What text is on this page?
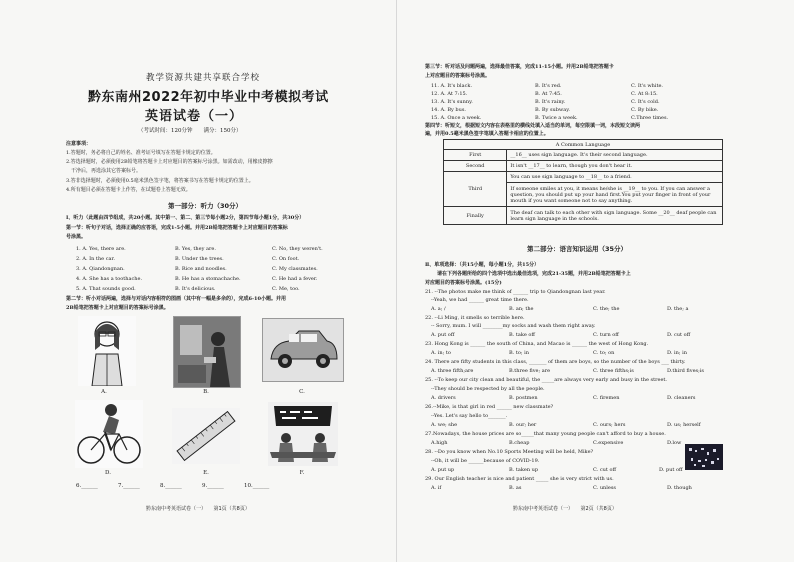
教学资源共建共享联合学校
黔东南州2022年初中毕业中考模拟考试
英语试卷（一）
（考试时间：120分钟　　满分：150分）
注意事项：
1.答题时，务必将自己的姓名、准考证号填写在答题卡规定的位置。
2.答选择题时，必须使用2B铅笔将答题卡上对应题目的答案标号涂黑。如需改动，用橡皮擦擦
　干净后，再选涂其它答案标号。
3.答非选择题时，必须使用0.5毫米黑色签字笔，将答案书写在答题卡规定的位置上。
4.所有题目必须在答题卡上作答，在试题卷上答题无效。
第一部分：听力（30分）
Ⅰ、听力（此题由四节组成，共20小题。其中第一、第二、第三节每小题2分，第四节每小题1分，共30分）
第一节：听句子对话，选择正确的应答语，完成1-5小题。并用2B铅笔把答题卡上对应题目的答案标
号涂黑。
1. A. Yes, there are.	B. Yes, they are.	C. No, they weren't.
2. A. In the car.	B. Under the trees.	C. On foot.
3. A. Qiandongnan.	B. Rice and noodles.	C. My classmates.
4. A. She has a toothache.	B. He has a stomachache.	C. He had a fever.
5. A. That sounds good.	B. It's delicious.	C. Me, too.
第二节：听小对话两遍，选择与对话内容相符的图画（其中有一幅是多余的），完成6-10小题。并用
2B铅笔把答题卡上对应题目的答案标号涂黑。
A.	B.	C.
D.	E.	F.
6.______	7.______	8.______	9.______	10.______
黔东南中考英语试卷（一）　　第1页（共8页）
第三节：听对话及问题两遍，选择最佳答案，完成11-15小题。并用2B铅笔把答题卡
上对应题目的答案标号涂黑。
11. A. It's black.	B. It's red.	C. It's white.
12. A. At 7:15.	B. At 7:45.	C. At 8:15.
13. A. It's sunny.	B. It's rainy.	C. It's cold.
14. A. By bus.	B. By subway.	C. By bike.
15. A. Once a week.	B. Twice a week.	C.Three times.
第四节：听短文，根据短文内容在表格里的横线处填入适当的单词，每空限填一词，本段短文读两
遍，并用0.5毫米黑色签字笔填入答题卡相应的位置上。
A Common Language	
First	__16__ uses sign language. It's their second language.
Second	It isn't __17__ to learn, though you don't hear it.
Third	You can use sign language to __18__ to a friend.
	If someone smiles at you, it means he/she is __19__ to you. If you can answer a question, you should put up your hand first.You put your finger in front of your mouth if you want someone not to say anything.
Finally	The deaf can talk to each other with sign language. Some __20__ deaf people can learn sign language in the schools.
第二部分：语言知识运用（35分）
Ⅱ、单项选择：（共15小题，每小题1分，共15分）
请在下列各题所给的四个选项中选出最佳选项，完成21-35题，并用2B铅笔把答题卡上
对应题目的答案标号涂黑。(15分)
21. --The photos make me think of ______ trip to Qiandongnan last year.
--Yeah, we had ______ great time there.
A. a; /	B. an; the	C. the; the	D. the; a
22. --Li Ming, it smells so terrible here.
-- Sorry, mum. I will ________my socks and wash them right away.
A. put off	B. take off	C. turn off	D. cut off
23. Hong Kong is ______ the south of China, and Macao is ______ the west of Hong Kong.
A. in; to	B. to; in	C. to; on	D. in; in
24. There are fifty students in this class, _______ of them are boys, so the number of the boys ___ thirty.
A. three fifth;are	B.three five; are	C. three fifths;is	D.third fives;is
25. --To keep our city clean and beautiful, the _____are always very early and busy in the street.
--They should be respected by all the people.
A. drivers	B. postmen	C. firemen	D. cleaners
26.--Mike, is that girl in red ______ new classmate?
--Yes. Let's say hello to_______.
A. we; she	B. our; her	C. ours; hers	D. us; herself
27.Nowadays, the house prices are so_____that many young people can't afford to buy a house.
A.high	B.cheap	C.expensive	D.low
28. --Do you know when No.10 Sports Meeting will be held, Mike?
--Oh, it will be ______because of COVID-19.
A. put up	B. taken up	C. cut off	D. put off
29. Our English teacher is nice and patient _____ she is very strict with us.
A. if	B. as	C. unless	D. though
黔东南中考英语试卷（一）　　第2页（共8页）
